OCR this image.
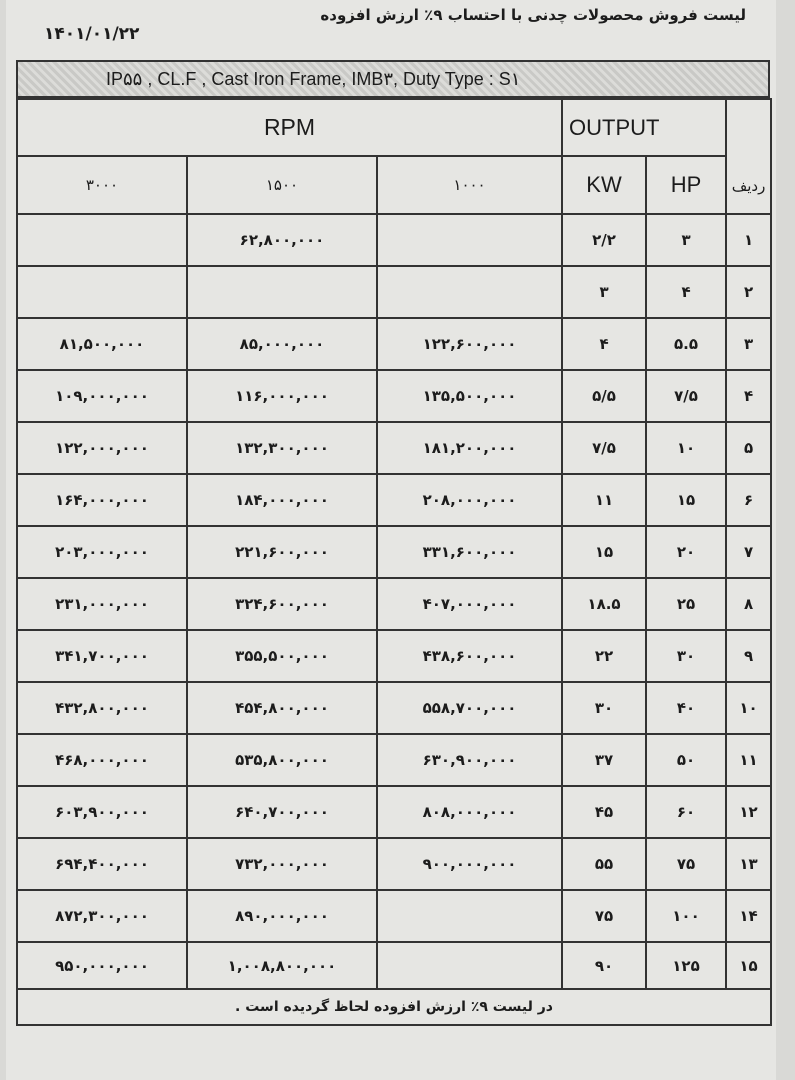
لیست فروش محصولات چدنی با احتساب ۹٪ ارزش افزوده
۱۴۰۱/۰۱/۲۲
IP۵۵ , CL.F , Cast Iron Frame, IMB۳, Duty Type : S۱
RPM			OUTPUT		ردیف
۳۰۰۰	۱۵۰۰	۱۰۰۰	KW	HP	
	۶۲,۸۰۰,۰۰۰		۲/۲	۳	۱
			۳	۴	۲
۸۱,۵۰۰,۰۰۰	۸۵,۰۰۰,۰۰۰	۱۲۲,۶۰۰,۰۰۰	۴	۵.۵	۳
۱۰۹,۰۰۰,۰۰۰	۱۱۶,۰۰۰,۰۰۰	۱۳۵,۵۰۰,۰۰۰	۵/۵	۷/۵	۴
۱۲۲,۰۰۰,۰۰۰	۱۳۲,۳۰۰,۰۰۰	۱۸۱,۲۰۰,۰۰۰	۷/۵	۱۰	۵
۱۶۴,۰۰۰,۰۰۰	۱۸۴,۰۰۰,۰۰۰	۲۰۸,۰۰۰,۰۰۰	۱۱	۱۵	۶
۲۰۳,۰۰۰,۰۰۰	۲۲۱,۶۰۰,۰۰۰	۳۳۱,۶۰۰,۰۰۰	۱۵	۲۰	۷
۲۳۱,۰۰۰,۰۰۰	۳۲۴,۶۰۰,۰۰۰	۴۰۷,۰۰۰,۰۰۰	۱۸.۵	۲۵	۸
۳۴۱,۷۰۰,۰۰۰	۳۵۵,۵۰۰,۰۰۰	۴۳۸,۶۰۰,۰۰۰	۲۲	۳۰	۹
۴۳۲,۸۰۰,۰۰۰	۴۵۴,۸۰۰,۰۰۰	۵۵۸,۷۰۰,۰۰۰	۳۰	۴۰	۱۰
۴۶۸,۰۰۰,۰۰۰	۵۳۵,۸۰۰,۰۰۰	۶۳۰,۹۰۰,۰۰۰	۳۷	۵۰	۱۱
۶۰۳,۹۰۰,۰۰۰	۶۴۰,۷۰۰,۰۰۰	۸۰۸,۰۰۰,۰۰۰	۴۵	۶۰	۱۲
۶۹۴,۴۰۰,۰۰۰	۷۳۲,۰۰۰,۰۰۰	۹۰۰,۰۰۰,۰۰۰	۵۵	۷۵	۱۳
۸۷۲,۳۰۰,۰۰۰	۸۹۰,۰۰۰,۰۰۰		۷۵	۱۰۰	۱۴
۹۵۰,۰۰۰,۰۰۰	۱,۰۰۸,۸۰۰,۰۰۰		۹۰	۱۲۵	۱۵
در لیست ۹٪ ارزش افزوده لحاظ گردیده است .					
